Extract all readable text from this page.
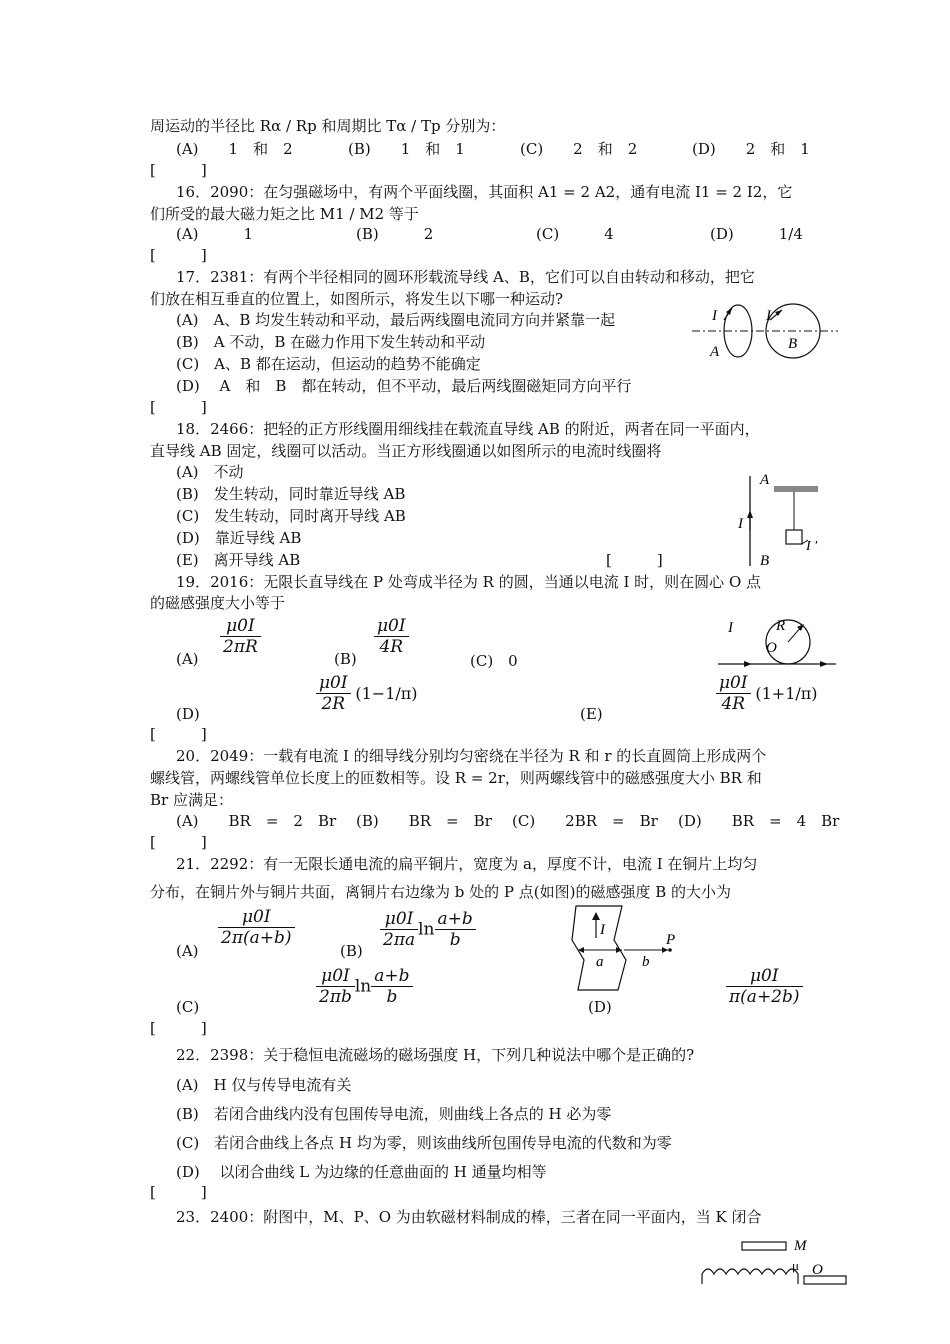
周运动的半径比 Rα / Rp 和周期比 Tα / Tp 分别为：
(A)　　1　和　2	(B)　　1　和　1	(C)　　2　和　2	(D)　　2　和　1
[　　　]
16．2090：在匀强磁场中，有两个平面线圈，其面积 A1 = 2 A2，通有电流 I1 = 2 I2，它
们所受的最大磁力矩之比 M1 / M2 等于
(A)　　　1	(B)　　　2	(C)　　　4	(D)　　　1/4
[　　　]
17．2381：有两个半径相同的圆环形载流导线 A、B，它们可以自由转动和移动，把它
们放在相互垂直的位置上，如图所示，将发生以下哪一种运动?
(A)　A、B 均发生转动和平动，最后两线圈电流同方向并紧靠一起
(B)　A 不动，B 在磁力作用下发生转动和平动
(C)　A、B 都在运动，但运动的趋势不能确定
(D)　 A　和　B　都在转动，但不平动，最后两线圈磁矩同方向平行
[　　　]
I	I
A	B
18．2466：把轻的正方形线圈用细线挂在载流直导线 AB 的附近，两者在同一平面内，
直导线 AB 固定，线圈可以活动。当正方形线圈通以如图所示的电流时线圈将
(A)　不动
(B)　发生转动，同时靠近导线 AB
(C)　发生转动，同时离开导线 AB
(D)　靠近导线 AB
(E)　离开导线 AB	[　　　]
A
B
I
I ′
19．2016：无限长直导线在 P 处弯成半径为 R 的圆，当通以电流 I 时，则在圆心 O 点
的磁感强度大小等于
(A)
$\frac{\mu 0I}{2\pi R}$
(B)
$\frac{\mu 0I}{4R}$
(C)　0
(D)	$\frac{\mu 0I}{2R} (1-1/\pi)$
(E)	$\frac{\mu 0I}{4R} (1+1/\pi)$
[　　　]
I	R
O
20．2049：一载有电流 I 的细导线分别均匀密绕在半径为 R 和 r 的长直圆筒上形成两个
螺线管，两螺线管单位长度上的匝数相等。设 R = 2r，则两螺线管中的磁感强度大小 BR 和
Br 应满足：
(A)　　BR　=　2　Br (B)　　BR　=　Br (C)　　2BR　=　Br (D)　　BR　=　4　Br
[　　　]
21．2292：有一无限长通电流的扁平铜片，宽度为 a，厚度不计，电流 I 在铜片上均匀
分布，在铜片外与铜片共面，离铜片右边缘为 b 处的 P 点(如图)的磁感强度 B 的大小为
(A)
$\frac{\mu 0I}{2\pi(a+b)}$
(B)
$\frac{\mu 0I}{2\pi a}$ $\ln \frac{a+b}{b}$
(C)	$\frac{\mu 0I}{2\pi b}$ $\ln \frac{a+b}{b}$	(D)	$\frac{\mu 0I}{\pi(a+2b)}$
[　　　]
I
a	b
P
22．2398：关于稳恒电流磁场的磁场强度 H，下列几种说法中哪个是正确的?
(A)　H 仅与传导电流有关
(B)　若闭合曲线内没有包围传导电流，则曲线上各点的 H 必为零
(C)　若闭合曲线上各点 H 均为零，则该曲线所包围传导电流的代数和为零
(D)　 以闭合曲线 L 为边缘的任意曲面的 H 通量均相等
[　　　]
23．2400：附图中，M、P、O 为由软磁材料制成的棒，三者在同一平面内，当 K 闭合
M
μ O
